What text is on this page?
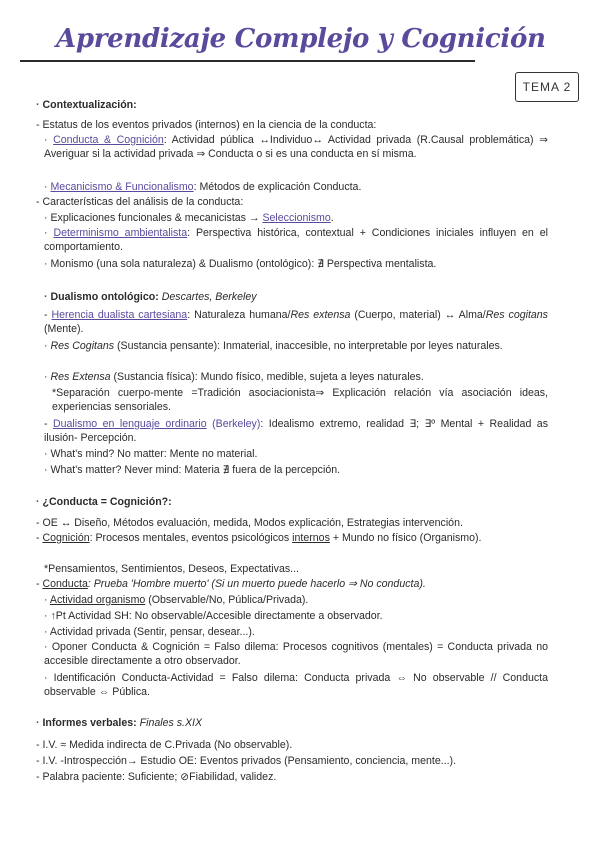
Aprendizaje Complejo y Cognición
TEMA 2
· Contextualización:
- Estatus de los eventos privados (internos) en la ciencia de la conducta:
· Conducta & Cognición: Actividad pública ↔Individuo↔ Actividad privada (R.Causal problemática) ⇒ Averiguar si la actividad privada ⇒ Conducta o si es una conducta en sí misma.
· Mecanicismo & Funcionalismo: Métodos de explicación Conducta.
- Características del análisis de la conducta:
· Explicaciones funcionales & mecanicistas → Seleccionismo.
· Determinismo ambientalista: Perspectiva histórica, contextual + Condiciones iniciales influyen en el comportamiento.
· Monismo (una sola naturaleza) & Dualismo (ontológico): ∄ Perspectiva mentalista.
· Dualismo ontológico: Descartes, Berkeley
- Herencia dualista cartesiana: Naturaleza humana/Res extensa (Cuerpo, material) ↔ Alma/Res cogitans (Mente).
· Res Cogitans (Sustancia pensante): Inmaterial, inaccesible, no interpretable por leyes naturales.
· Res Extensa (Sustancia física): Mundo físico, medible, sujeta a leyes naturales.
*Separación cuerpo-mente =Tradición asociacionista⇒ Explicación relación vía asociación ideas, experiencias sensoriales.
- Dualismo en lenguaje ordinario (Berkeley): Idealismo extremo, realidad ∃; ∃º Mental + Realidad as ilusión- Percepción.
· What's mind? No matter: Mente no material.
· What's matter? Never mind: Materia ∄ fuera de la percepción.
· ¿Conducta = Cognición?:
- OE ↔ Diseño, Métodos evaluación, medida, Modos explicación, Estrategias intervención.
- Cognición: Procesos mentales, eventos psicológicos internos + Mundo no físico (Organismo).
*Pensamientos, Sentimientos, Deseos, Expectativas...
- Conducta: Prueba 'Hombre muerto' (Si un muerto puede hacerlo ⇒ No conducta).
· Actividad organismo (Observable/No, Pública/Privada).
· ↑Pt Actividad SH: No observable/Accesible directamente a observador.
· Actividad privada (Sentir, pensar, desear...).
· Oponer Conducta & Cognición = Falso dilema: Procesos cognitivos (mentales) = Conducta privada no accesible directamente a otro observador.
· Identificación Conducta-Actividad = Falso dilema: Conducta privada ⇔ No observable // Conducta observable ⇔ Pública.
· Informes verbales: Finales s.XIX
- I.V. ≈ Medida indirecta de C.Privada (No observable).
- I.V. -Introspección→ Estudio OE: Eventos privados (Pensamiento, conciencia, mente...).
- Palabra paciente: Suficiente; ⊘Fiabilidad, validez.
